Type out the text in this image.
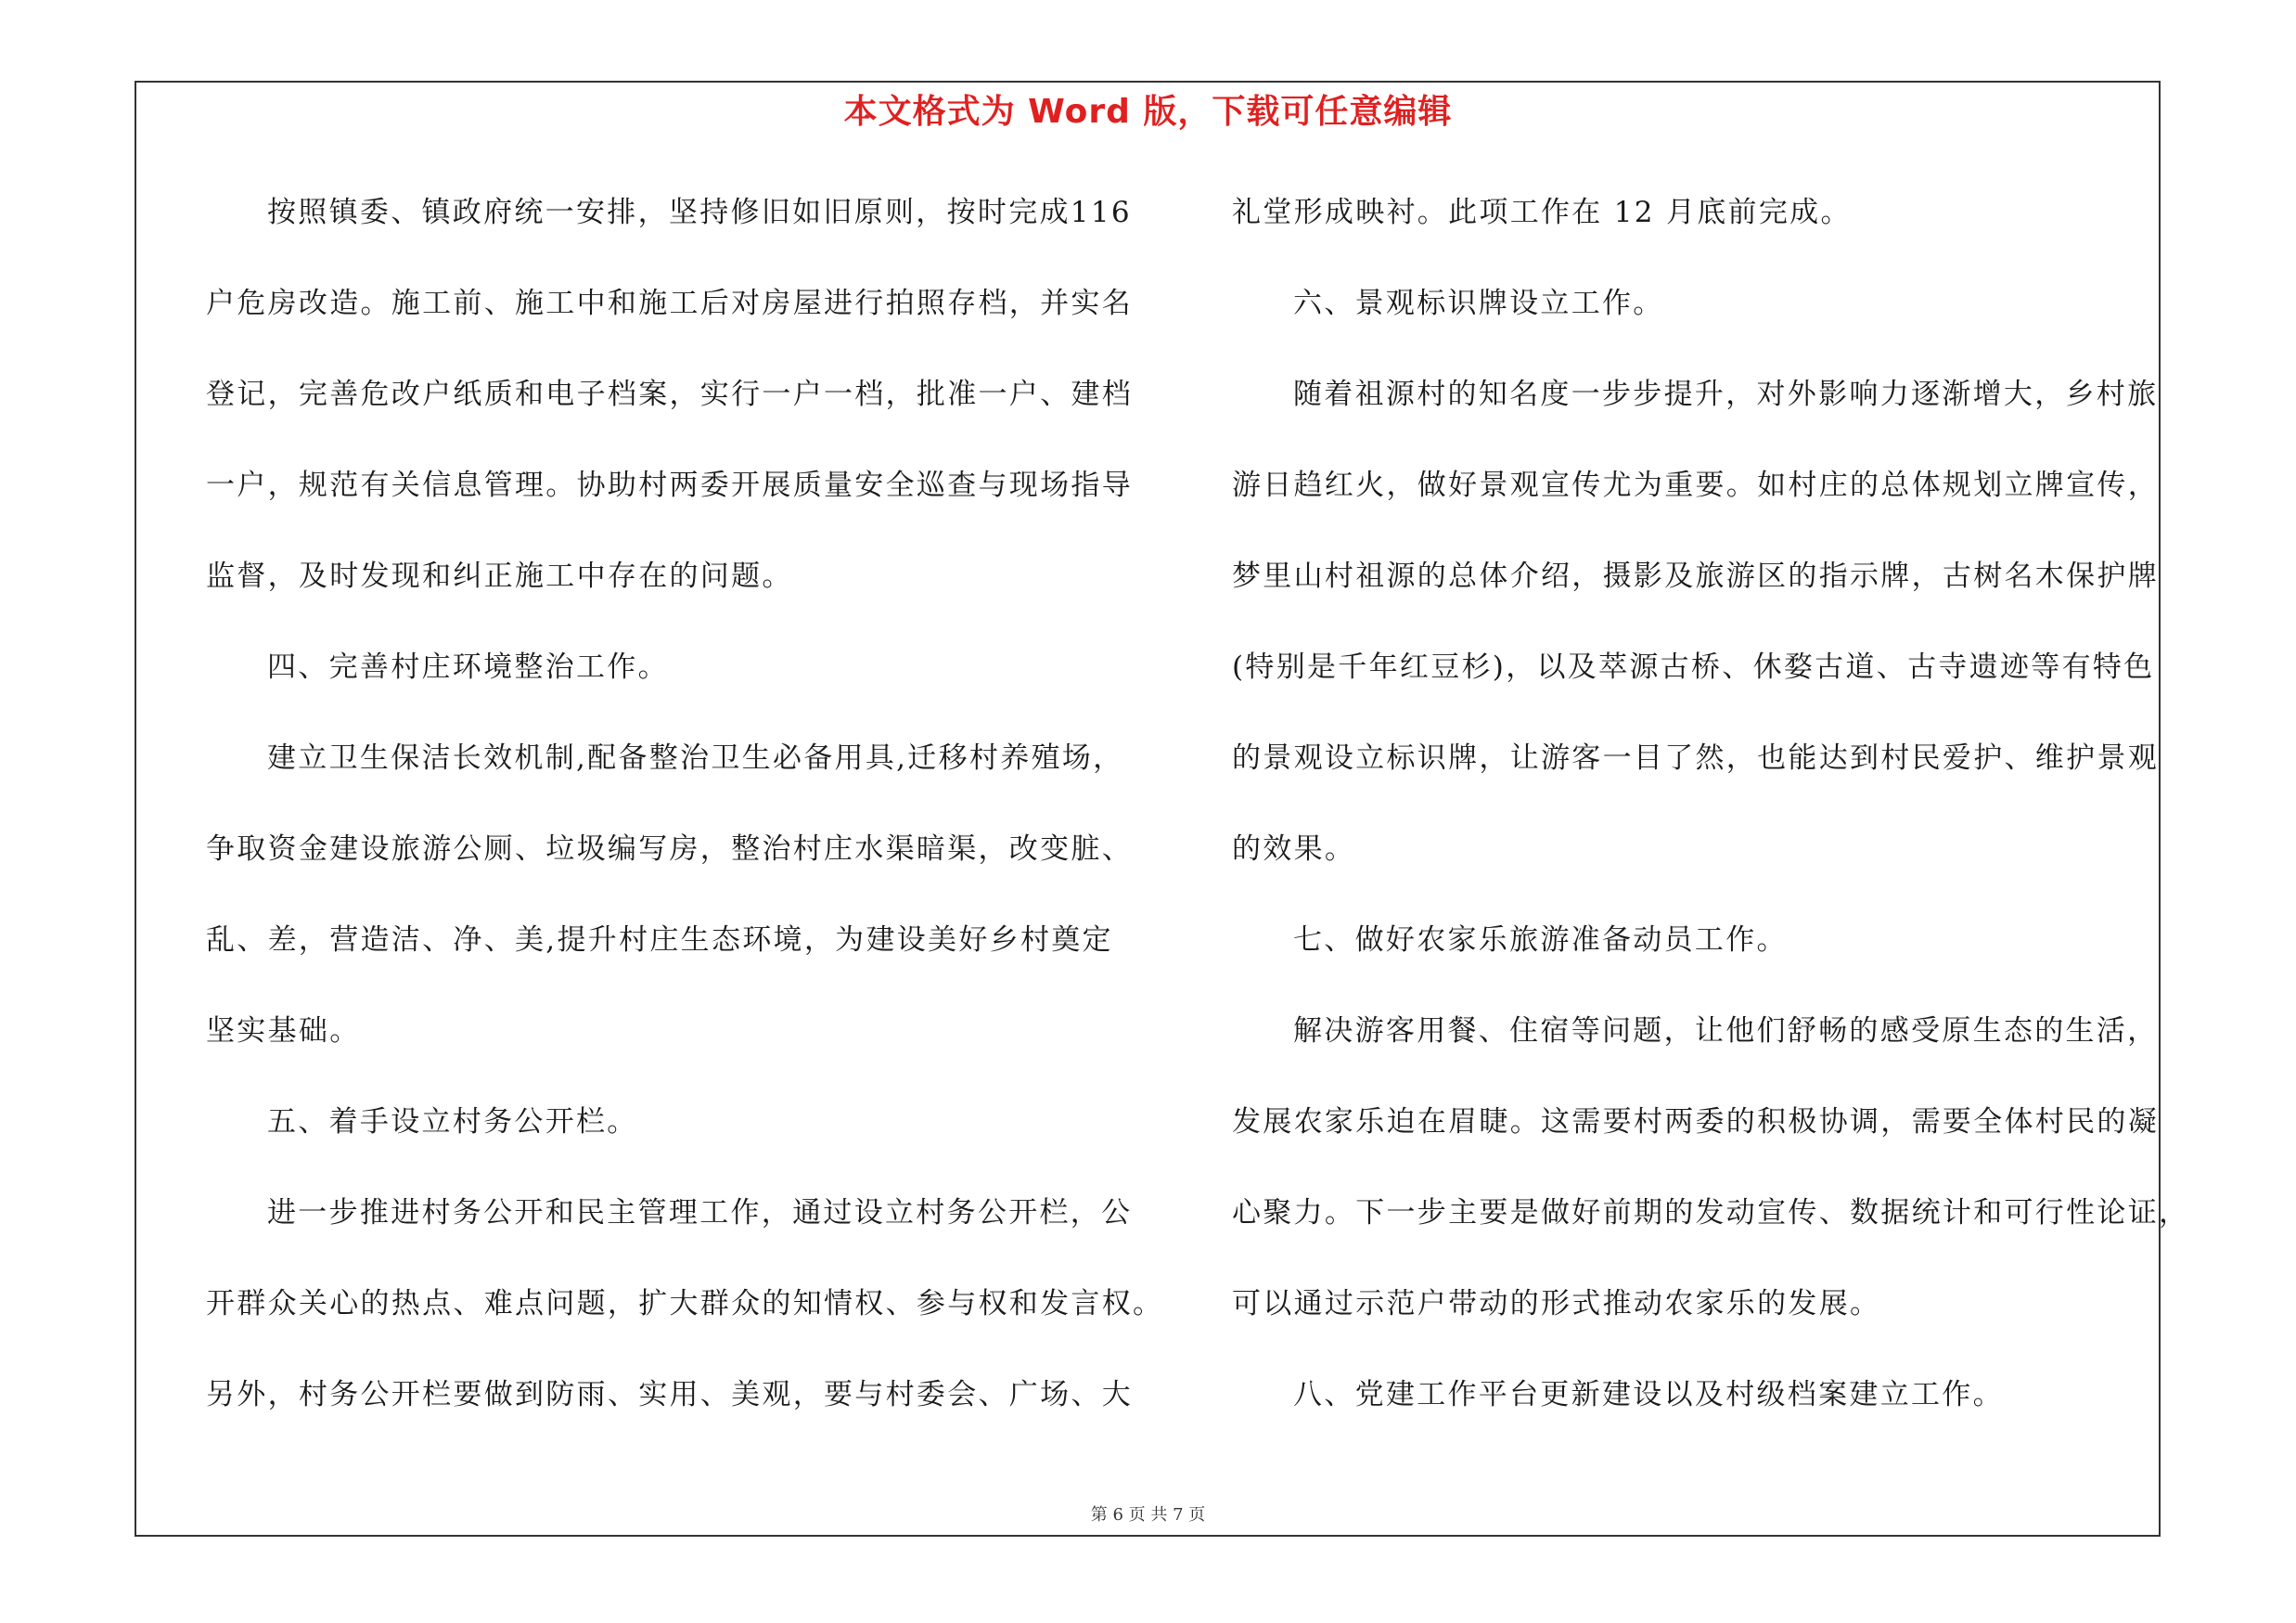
本文格式为 Word 版，下载可任意编辑
按照镇委、镇政府统一安排，坚持修旧如旧原则，按时完成116
户危房改造。施工前、施工中和施工后对房屋进行拍照存档，并实名
登记，完善危改户纸质和电子档案，实行一户一档，批准一户、建档
一户，规范有关信息管理。协助村两委开展质量安全巡查与现场指导
监督，及时发现和纠正施工中存在的问题。
四、完善村庄环境整治工作。
建立卫生保洁长效机制,配备整治卫生必备用具,迁移村养殖场，
争取资金建设旅游公厕、垃圾编写房，整治村庄水渠暗渠，改变脏、
乱、差，营造洁、净、美,提升村庄生态环境，为建设美好乡村奠定
坚实基础。
五、着手设立村务公开栏。
进一步推进村务公开和民主管理工作，通过设立村务公开栏，公
开群众关心的热点、难点问题，扩大群众的知情权、参与权和发言权。
另外，村务公开栏要做到防雨、实用、美观，要与村委会、广场、大
礼堂形成映衬。此项工作在 12 月底前完成。
六、景观标识牌设立工作。
随着祖源村的知名度一步步提升，对外影响力逐渐增大，乡村旅
游日趋红火，做好景观宣传尤为重要。如村庄的总体规划立牌宣传，
梦里山村祖源的总体介绍，摄影及旅游区的指示牌，古树名木保护牌
(特别是千年红豆杉)，以及萃源古桥、休婺古道、古寺遗迹等有特色
的景观设立标识牌，让游客一目了然，也能达到村民爱护、维护景观
的效果。
七、做好农家乐旅游准备动员工作。
解决游客用餐、住宿等问题，让他们舒畅的感受原生态的生活，
发展农家乐迫在眉睫。这需要村两委的积极协调，需要全体村民的凝
心聚力。下一步主要是做好前期的发动宣传、数据统计和可行性论证，
可以通过示范户带动的形式推动农家乐的发展。
八、党建工作平台更新建设以及村级档案建立工作。
第 6 页 共 7 页
